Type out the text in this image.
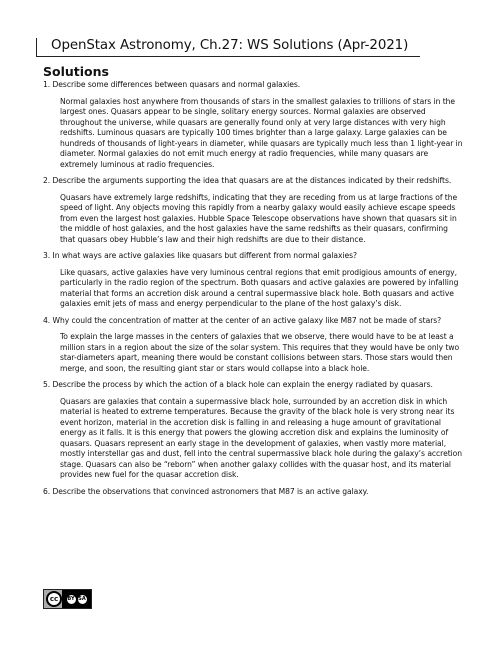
OpenStax Astronomy, Ch.27: WS Solutions (Apr-2021)
Solutions

1. Describe some differences between quasars and normal galaxies.

Normal galaxies host anywhere from thousands of stars in the smallest galaxies to trillions of stars in the largest ones. Quasars appear to be single, solitary energy sources. Normal galaxies are observed throughout the universe, while quasars are generally found only at very large distances with very high redshifts. Luminous quasars are typically 100 times brighter than a large galaxy. Large galaxies can be hundreds of thousands of light-years in diameter, while quasars are typically much less than 1 light-year in diameter. Normal galaxies do not emit much energy at radio frequencies, while many quasars are extremely luminous at radio frequencies.

2. Describe the arguments supporting the idea that quasars are at the distances indicated by their redshifts.

Quasars have extremely large redshifts, indicating that they are receding from us at large fractions of the speed of light. Any objects moving this rapidly from a nearby galaxy would easily achieve escape speeds from even the largest host galaxies. Hubble Space Telescope observations have shown that quasars sit in the middle of host galaxies, and the host galaxies have the same redshifts as their quasars, confirming that quasars obey Hubble’s law and their high redshifts are due to their distance.

3. In what ways are active galaxies like quasars but different from normal galaxies?

Like quasars, active galaxies have very luminous central regions that emit prodigious amounts of energy, particularly in the radio region of the spectrum. Both quasars and active galaxies are powered by infalling material that forms an accretion disk around a central supermassive black hole. Both quasars and active galaxies emit jets of mass and energy perpendicular to the plane of the host galaxy’s disk.

4. Why could the concentration of matter at the center of an active galaxy like M87 not be made of stars?

To explain the large masses in the centers of galaxies that we observe, there would have to be at least a million stars in a region about the size of the solar system. This requires that they would have be only two star-diameters apart, meaning there would be constant collisions between stars. Those stars would then merge, and soon, the resulting giant star or stars would collapse into a black hole.

5. Describe the process by which the action of a black hole can explain the energy radiated by quasars.

Quasars are galaxies that contain a supermassive black hole, surrounded by an accretion disk in which material is heated to extreme temperatures. Because the gravity of the black hole is very strong near its event horizon, material in the accretion disk is falling in and releasing a huge amount of gravitational energy as it falls. It is this energy that powers the glowing accretion disk and explains the luminosity of quasars. Quasars represent an early stage in the development of galaxies, when vastly more material, mostly interstellar gas and dust, fell into the central supermassive black hole during the galaxy’s accretion stage. Quasars can also be “reborn” when another galaxy collides with the quasar host, and its material provides new fuel for the quasar accretion disk.

6. Describe the observations that convinced astronomers that M87 is an active galaxy.

cc	BY SA
